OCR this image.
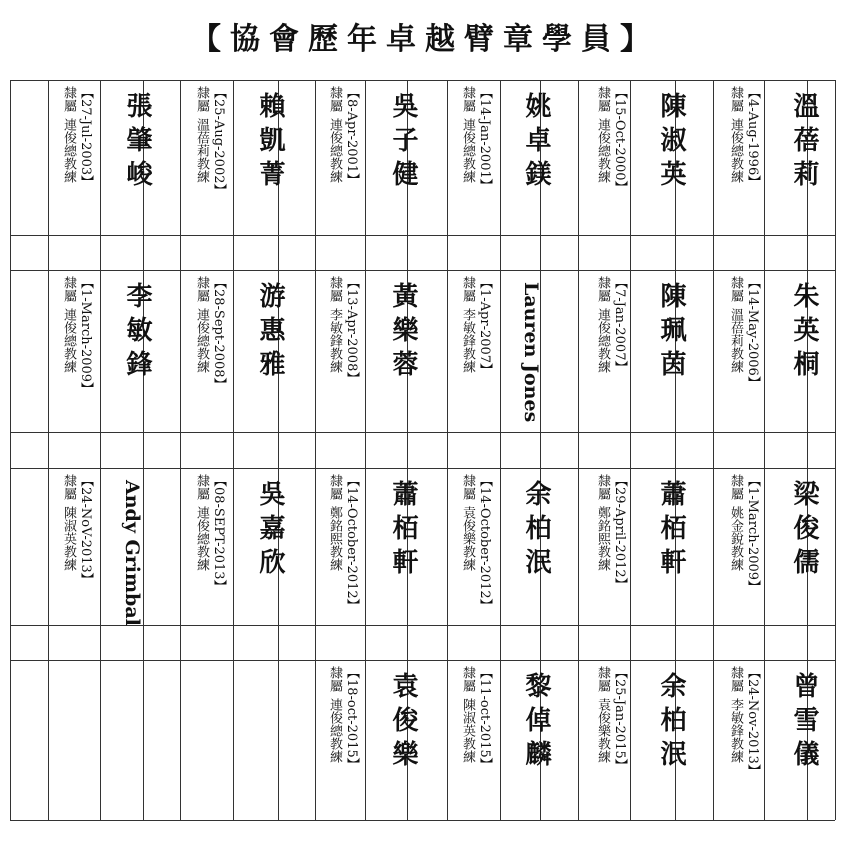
【協會歷年卓越臂章學員】
溫蓓莉
【4-Aug-1996】
隸屬連俊總教練
朱英桐
【14-May-2006】
隸屬溫蓓莉教練
梁俊儒
【1-March-2009】
隸屬姚金銳教練
曾雪儀
【24-Nov-2013】
隸屬李敏鋒教練
陳淑英
【15-Oct-2000】
隸屬連俊總教練
陳珮茵
【7-Jan-2007】
隸屬連俊總教練
蕭栢軒
【29-April-2012】
隸屬鄭銘熙教練
余柏泯
【25-Jan-2015】
隸屬袁俊樂教練
姚卓鎂
【14-Jan-2001】
隸屬連俊總教練
Lauren Jones
【1-Apr-2007】
隸屬李敏鋒教練
余柏泯
【14-October-2012】
隸屬袁俊樂教練
黎倬麟
【11-oct-2015】
隸屬陳淑英教練
吳子健
【8-Apr-2001】
隸屬連俊總教練
黃樂蓉
【13-Apr-2008】
隸屬李敏鋒教練
蕭栢軒
【14-October-2012】
隸屬鄭銘熙教練
袁俊樂
【18-oct-2015】
隸屬連俊總教練
賴凱菁
【25-Aug-2002】
隸屬溫蓓莉教練
游惠雅
【28-Sept-2008】
隸屬連俊總教練
吳嘉欣
【08-SEPT-2013】
隸屬連俊總教練
張肇峻
【27-Jul-2003】
隸屬連俊總教練
李敏鋒
【1-March-2009】
隸屬連俊總教練
Andy Grimbal
【24-NoV-2013】
隸屬陳淑英教練
